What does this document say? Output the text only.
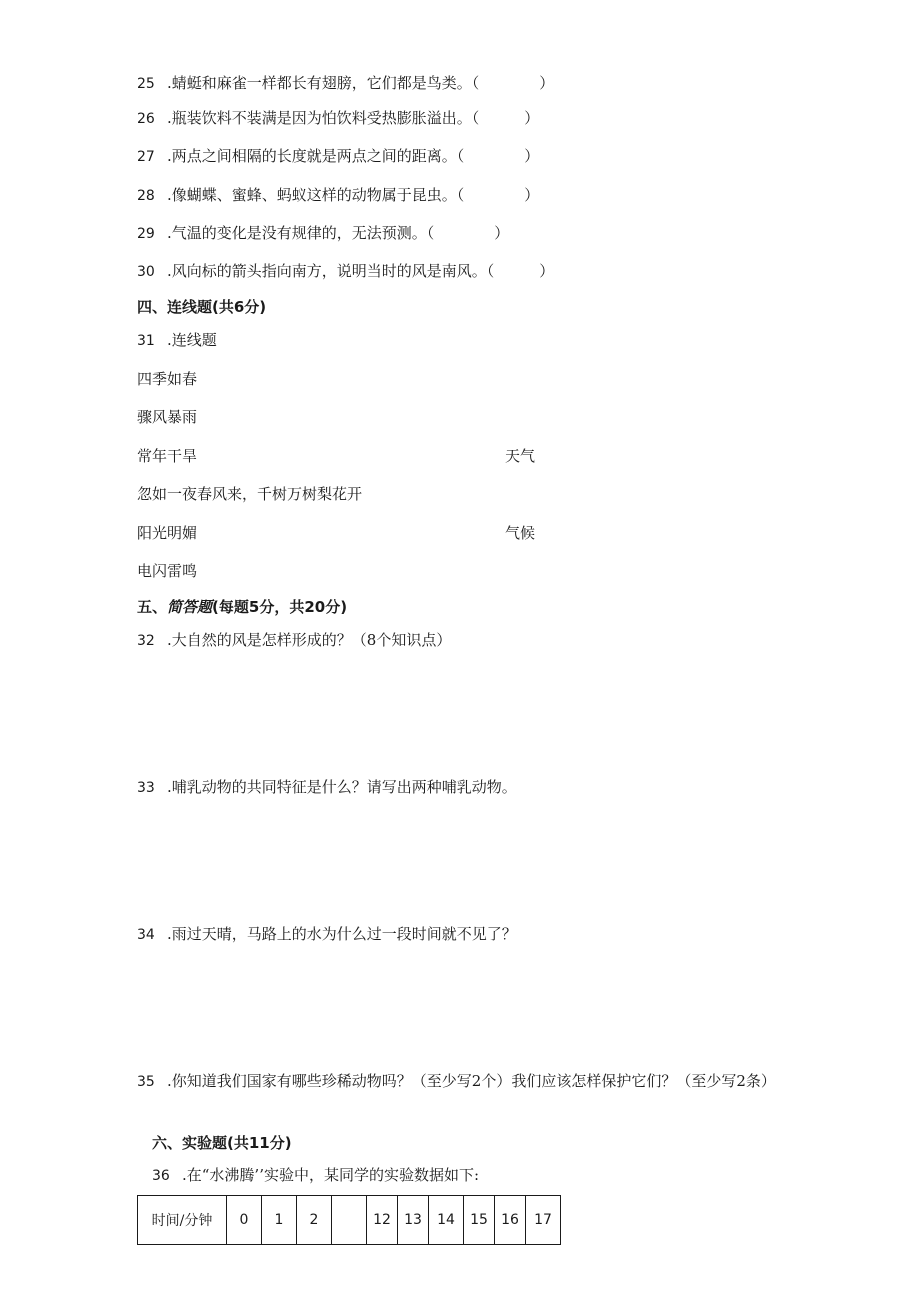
25 .蜻蜓和麻雀一样都长有翅膀，它们都是鸟类。（　　　　）
26 .瓶装饮料不装满是因为怕饮料受热膨胀溢出。（　　　）
27 .两点之间相隔的长度就是两点之间的距离。（　　　　）
28 .像蝴蝶、蜜蜂、蚂蚁这样的动物属于昆虫。（　　　　）
29 .气温的变化是没有规律的，无法预测。（　　　　）
30 .风向标的箭头指向南方，说明当时的风是南风。（　　　）
四、连线题(共6分)
31 .连线题
四季如春
骤风暴雨
常年干旱
忽如一夜春风来，千树万树梨花开
阳光明媚
电闪雷鸣
天气
气候
五、简答题(每题5分，共20分)
32 .大自然的风是怎样形成的？（8个知识点）
33 .哺乳动物的共同特征是什么？请写出两种哺乳动物。
34 .雨过天晴，马路上的水为什么过一段时间就不见了？
35 .你知道我们国家有哪些珍稀动物吗？（至少写2个）我们应该怎样保护它们？（至少写2条）
六、实验题(共11分)
36 .在“水沸腾’’实验中，某同学的实验数据如下:
时间/分钟	0	1	2		12	13	14	15	16	17
